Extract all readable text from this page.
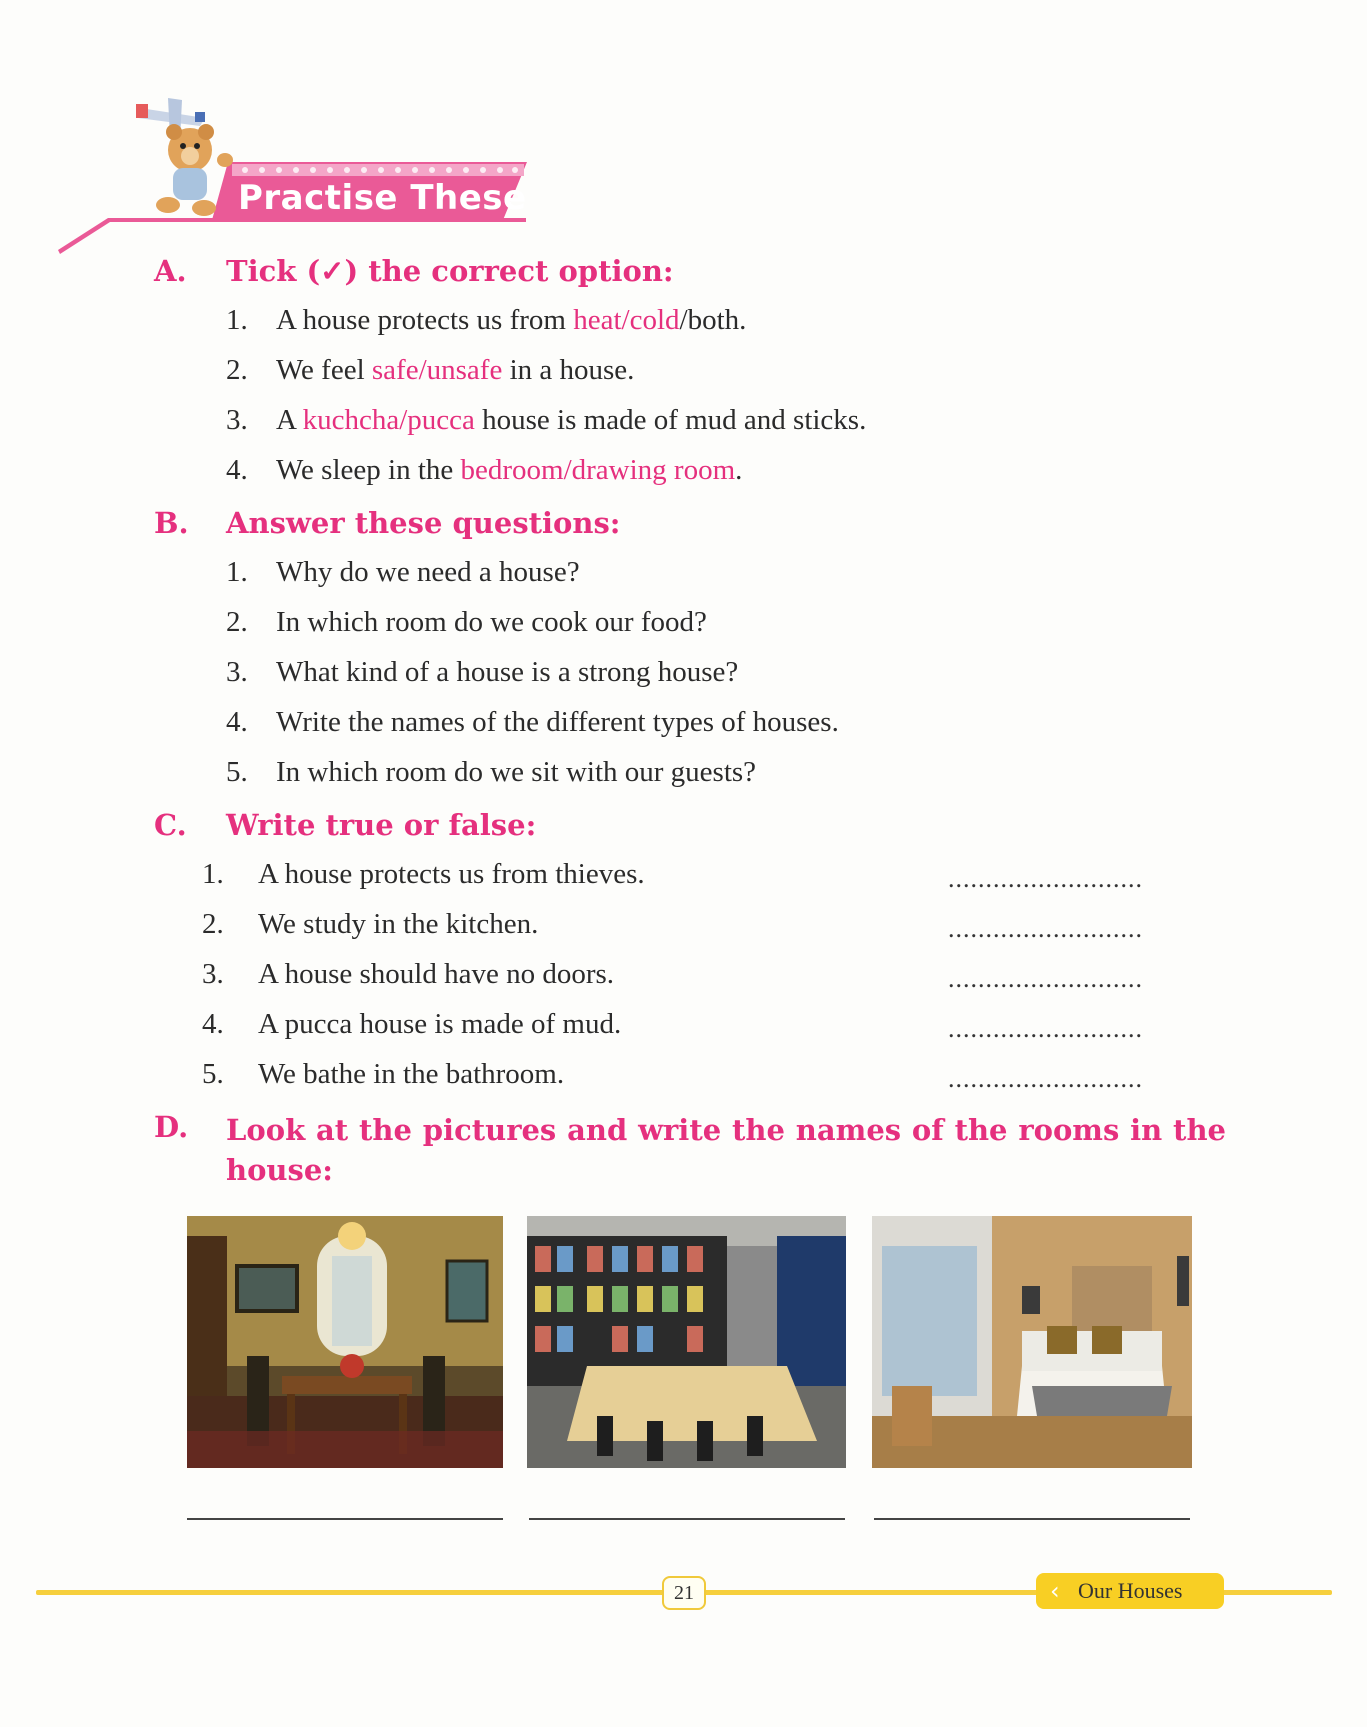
Practise These
A.	Tick (✓) the correct option:
1. A house protects us from heat/cold/both.
2. We feel safe/unsafe in a house.
3. A kuchcha/pucca house is made of mud and sticks.
4. We sleep in the bedroom/drawing room.
B.	Answer these questions:
1. Why do we need a house?
2. In which room do we cook our food?
3. What kind of a house is a strong house?
4. Write the names of the different types of houses.
5. In which room do we sit with our guests?
C.	Write true or false:
1.	A house protects us from thieves.	..........................
2.	We study in the kitchen.	..........................
3.	A house should have no doors.	..........................
4.	A pucca house is made of mud.	..........................
5.	We bathe in the bathroom.	..........................
D.	Look at the pictures and write the names of the rooms in the house:
21	‹ Our Houses
